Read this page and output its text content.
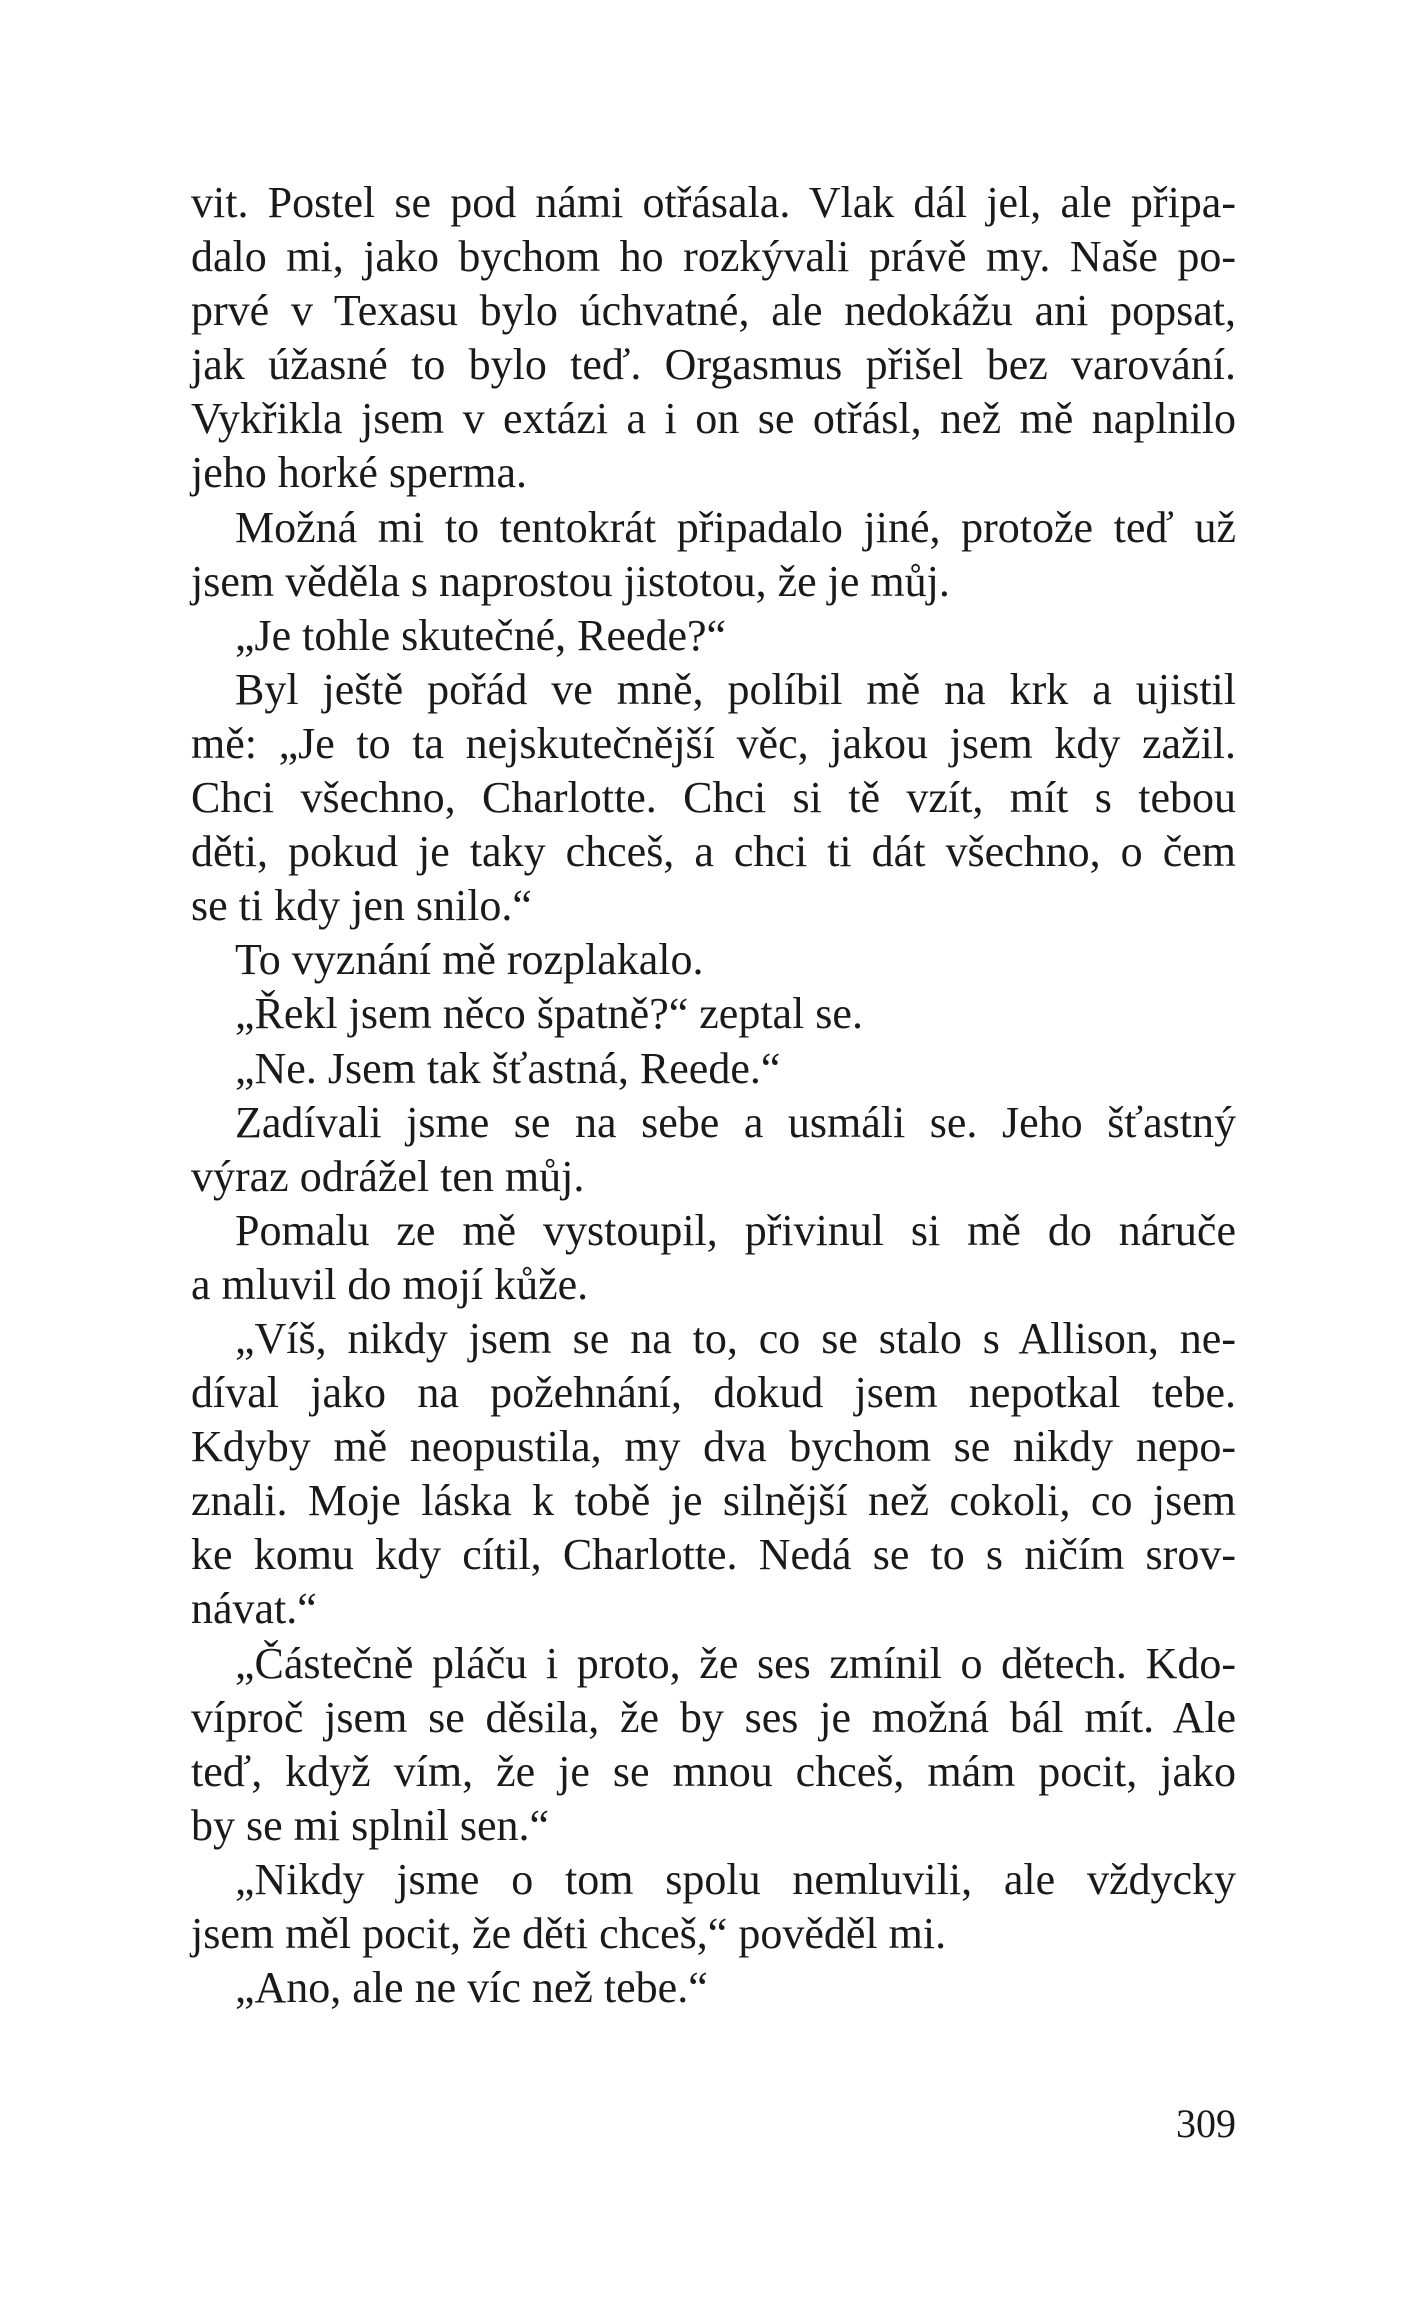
vit. Postel se pod námi otřásala. Vlak dál jel, ale připa-
dalo mi, jako bychom ho rozkývali právě my. Naše po-
prvé v Texasu bylo úchvatné, ale nedokážu ani popsat,
jak úžasné to bylo teď. Orgasmus přišel bez varování.
Vykřikla jsem v extázi a i on se otřásl, než mě naplnilo
jeho horké sperma.
Možná mi to tentokrát připadalo jiné, protože teď už
jsem věděla s naprostou jistotou, že je můj.
„Je tohle skutečné, Reede?“
Byl ještě pořád ve mně, políbil mě na krk a ujistil
mě: „Je to ta nejskutečnější věc, jakou jsem kdy zažil.
Chci všechno, Charlotte. Chci si tě vzít, mít s tebou
děti, pokud je taky chceš, a chci ti dát všechno, o čem
se ti kdy jen snilo.“
To vyznání mě rozplakalo.
„Řekl jsem něco špatně?“ zeptal se.
„Ne. Jsem tak šťastná, Reede.“
Zadívali jsme se na sebe a usmáli se. Jeho šťastný
výraz odrážel ten můj.
Pomalu ze mě vystoupil, přivinul si mě do náruče
a mluvil do mojí kůže.
„Víš, nikdy jsem se na to, co se stalo s Allison, ne-
díval jako na požehnání, dokud jsem nepotkal tebe.
Kdyby mě neopustila, my dva bychom se nikdy nepo-
znali. Moje láska k tobě je silnější než cokoli, co jsem
ke komu kdy cítil, Charlotte. Nedá se to s ničím srov-
návat.“
„Částečně pláču i proto, že ses zmínil o dětech. Kdo-
víproč jsem se děsila, že by ses je možná bál mít. Ale
teď, když vím, že je se mnou chceš, mám pocit, jako
by se mi splnil sen.“
„Nikdy jsme o tom spolu nemluvili, ale vždycky
jsem měl pocit, že děti chceš,“ pověděl mi.
„Ano, ale ne víc než tebe.“
309
